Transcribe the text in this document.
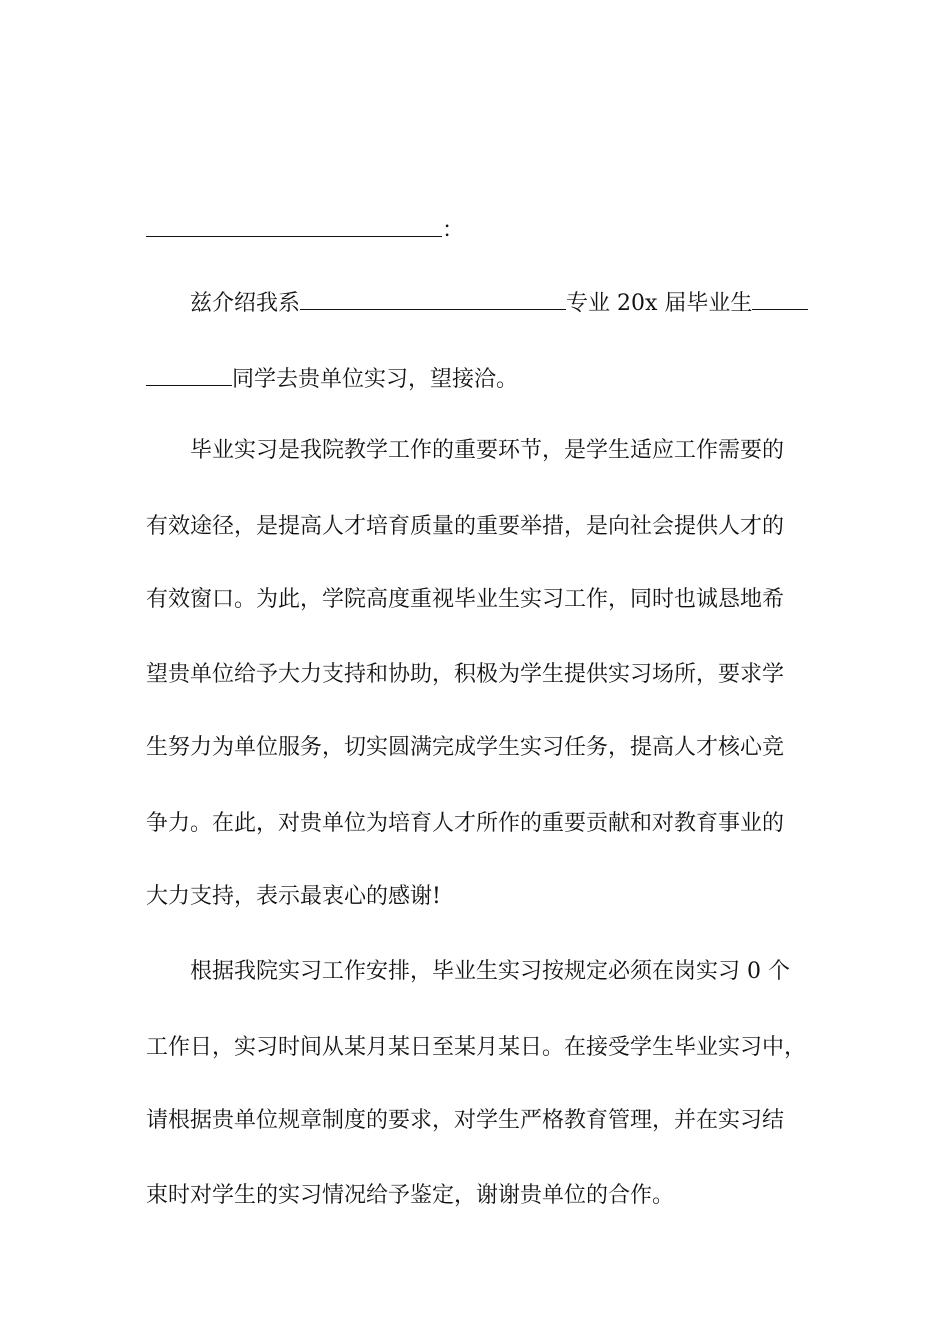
：
兹介绍我系	专业 20x 届毕业生
同学去贵单位实习，望接洽。
毕业实习是我院教学工作的重要环节，是学生适应工作需要的
有效途径，是提高人才培育质量的重要举措，是向社会提供人才的
有效窗口。为此，学院高度重视毕业生实习工作，同时也诚恳地希
望贵单位给予大力支持和协助，积极为学生提供实习场所，要求学
生努力为单位服务，切实圆满完成学生实习任务，提高人才核心竞
争力。在此，对贵单位为培育人才所作的重要贡献和对教育事业的
大力支持，表示最衷心的感谢!
根据我院实习工作安排，毕业生实习按规定必须在岗实习 0 个
工作日，实习时间从某月某日至某月某日。在接受学生毕业实习中，
请根据贵单位规章制度的要求，对学生严格教育管理，并在实习结
束时对学生的实习情况给予鉴定，谢谢贵单位的合作。
